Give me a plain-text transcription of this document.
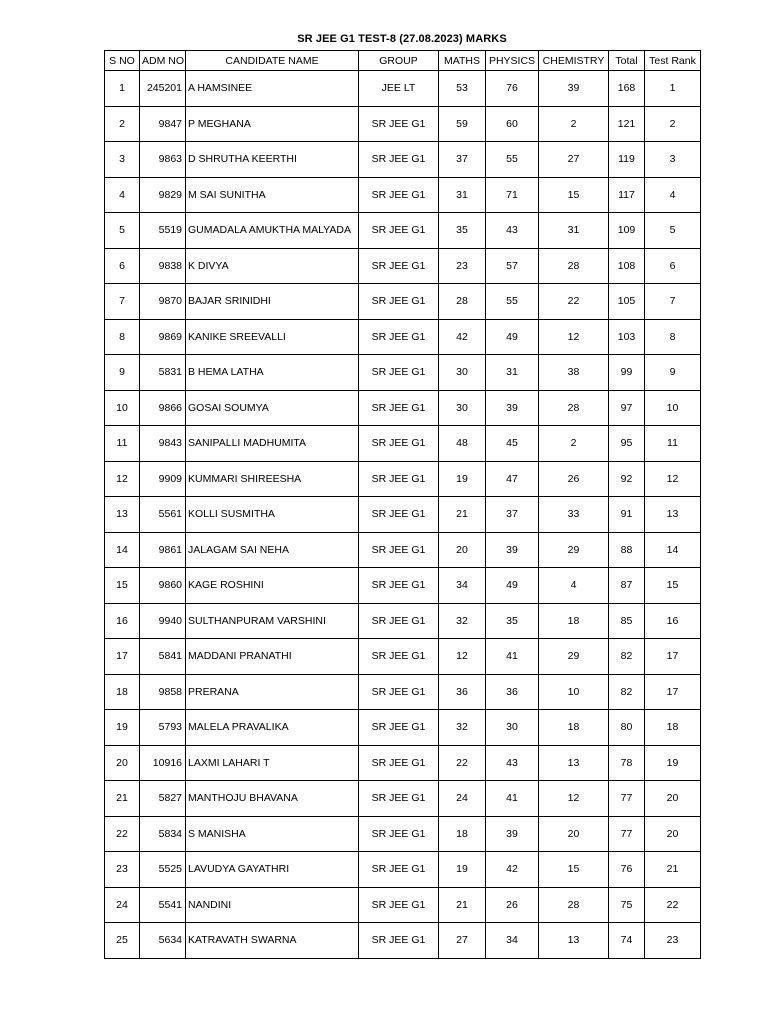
SR JEE G1 TEST-8 (27.08.2023) MARKS
S NO	ADM NO	CANDIDATE NAME	GROUP	MATHS	PHYSICS	CHEMISTRY	Total	Test Rank
1	245201	A HAMSINEE	JEE LT	53	76	39	168	1
2	9847	P MEGHANA	SR JEE G1	59	60	2	121	2
3	9863	D SHRUTHA KEERTHI	SR JEE G1	37	55	27	119	3
4	9829	M SAI SUNITHA	SR JEE G1	31	71	15	117	4
5	5519	GUMADALA AMUKTHA MALYADA	SR JEE G1	35	43	31	109	5
6	9838	K DIVYA	SR JEE G1	23	57	28	108	6
7	9870	BAJAR SRINIDHI	SR JEE G1	28	55	22	105	7
8	9869	KANIKE SREEVALLI	SR JEE G1	42	49	12	103	8
9	5831	B HEMA LATHA	SR JEE G1	30	31	38	99	9
10	9866	GOSAI SOUMYA	SR JEE G1	30	39	28	97	10
11	9843	SANIPALLI MADHUMITA	SR JEE G1	48	45	2	95	11
12	9909	KUMMARI SHIREESHA	SR JEE G1	19	47	26	92	12
13	5561	KOLLI SUSMITHA	SR JEE G1	21	37	33	91	13
14	9861	JALAGAM SAI NEHA	SR JEE G1	20	39	29	88	14
15	9860	KAGE ROSHINI	SR JEE G1	34	49	4	87	15
16	9940	SULTHANPURAM VARSHINI	SR JEE G1	32	35	18	85	16
17	5841	MADDANI PRANATHI	SR JEE G1	12	41	29	82	17
18	9858	PRERANA	SR JEE G1	36	36	10	82	17
19	5793	MALELA PRAVALIKA	SR JEE G1	32	30	18	80	18
20	10916	LAXMI LAHARI T	SR JEE G1	22	43	13	78	19
21	5827	MANTHOJU BHAVANA	SR JEE G1	24	41	12	77	20
22	5834	S MANISHA	SR JEE G1	18	39	20	77	20
23	5525	LAVUDYA GAYATHRI	SR JEE G1	19	42	15	76	21
24	5541	NANDINI	SR JEE G1	21	26	28	75	22
25	5634	KATRAVATH SWARNA	SR JEE G1	27	34	13	74	23
